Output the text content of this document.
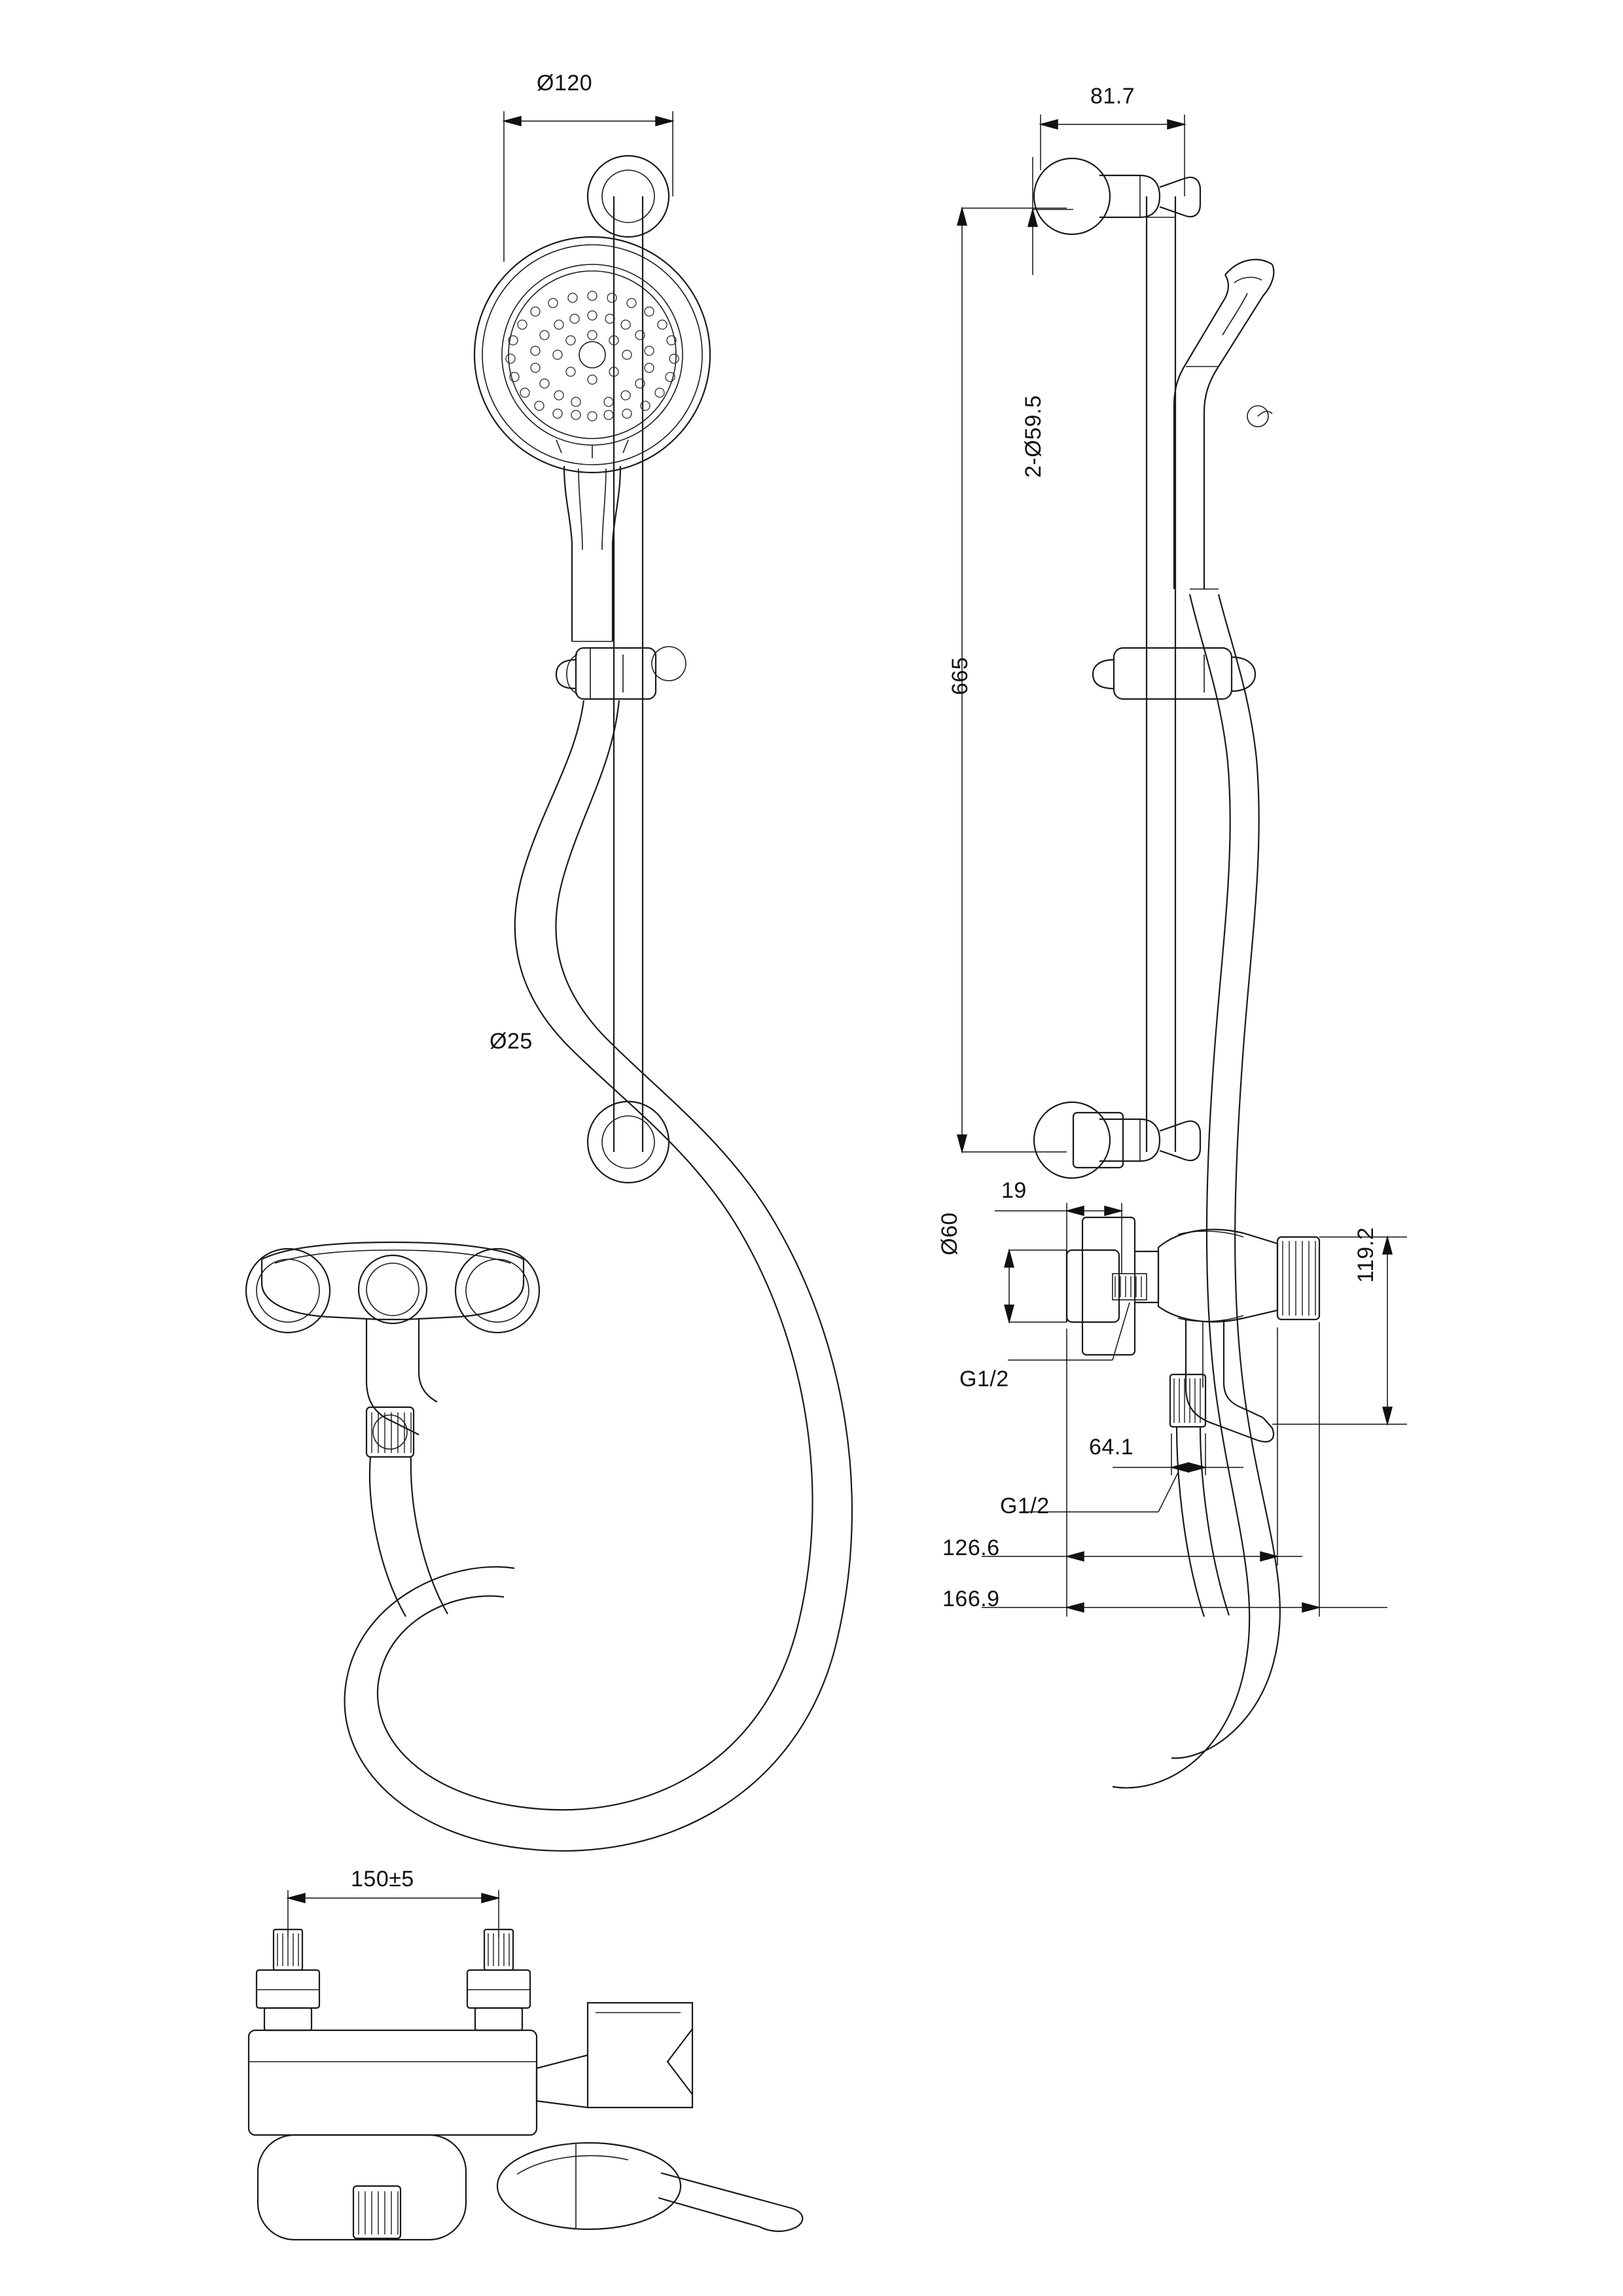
Ø120
Ø25
81.7
2-Ø59.5
665
19
Ø60
G1/2
64.1
G1/2
119.2
126.6
166.9
150±5
